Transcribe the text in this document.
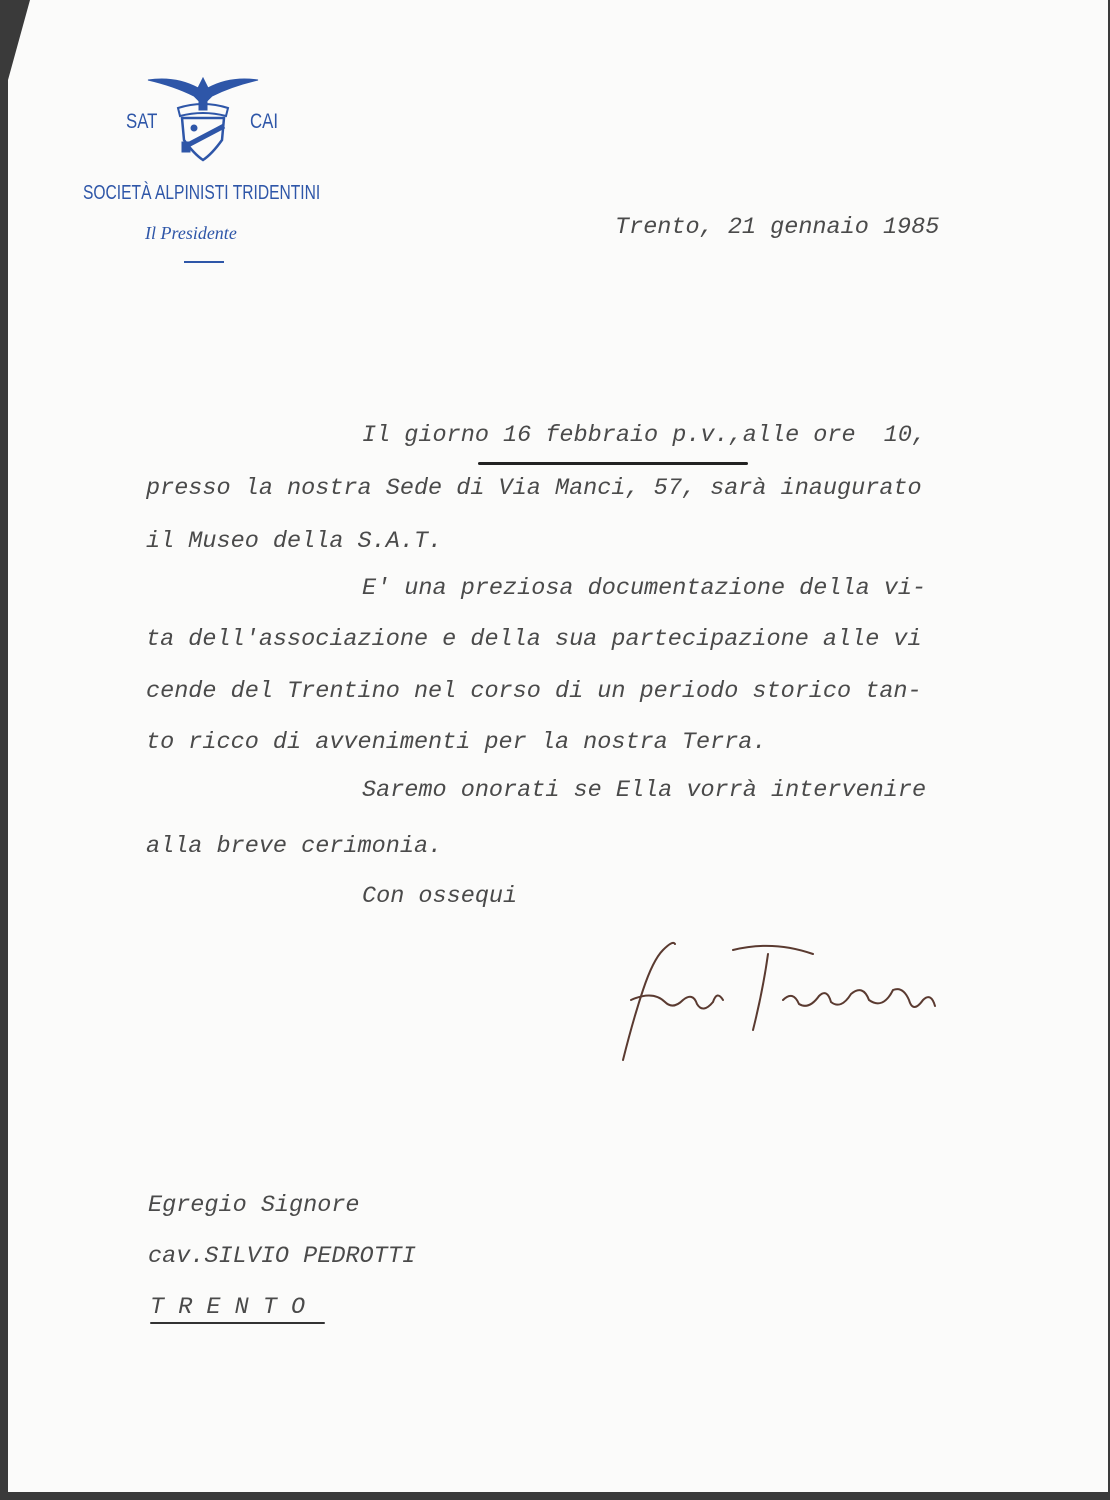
SAT	CAI
SOCIETÀ ALPINISTI TRIDENTINI
Il Presidente	Trento, 21 gennaio 1985
Il giorno 16 febbraio p.v.,alle ore  10,
presso la nostra Sede di Via Manci, 57, sarà inaugurato
il Museo della S.A.T.
E' una preziosa documentazione della vi-
ta dell'associazione e della sua partecipazione alle vi
cende del Trentino nel corso di un periodo storico tan-
to ricco di avvenimenti per la nostra Terra.
Saremo onorati se Ella vorrà intervenire
alla breve cerimonia.
Con ossequi
Egregio Signore
cav.SILVIO PEDROTTI
T R E N T O
